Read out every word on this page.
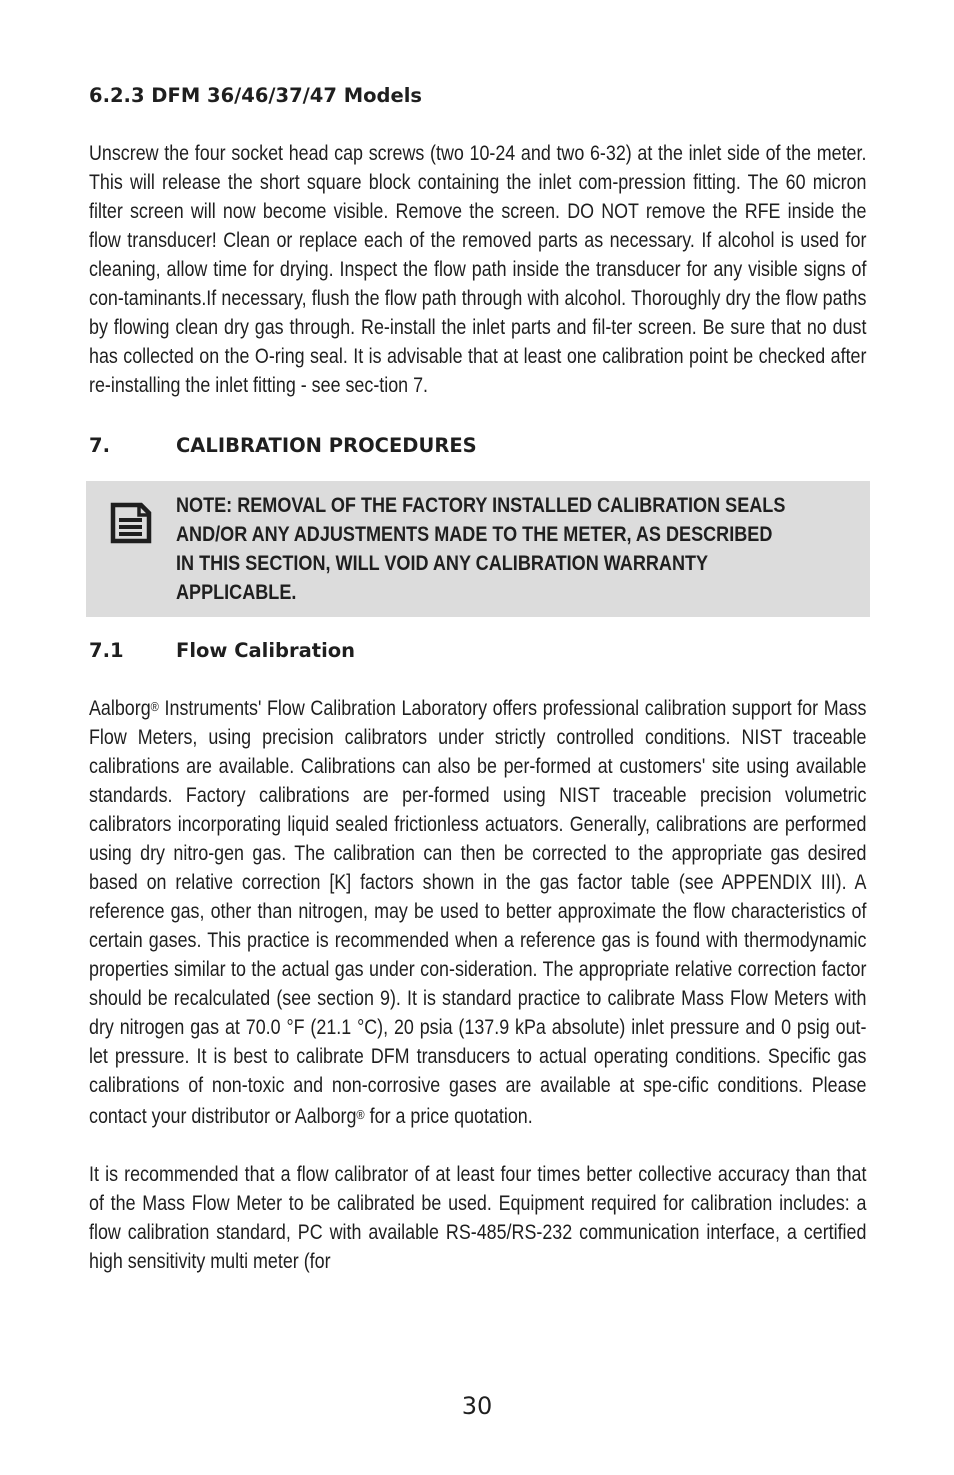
6.2.3 DFM 36/46/37/47 Models

Unscrew the four socket head cap screws (two 10-24 and two 6-32) at the inlet side of the meter. This will release the short square block containing the inlet com-pression fitting. The 60 micron filter screen will now become visible. Remove the screen. DO NOT remove the RFE inside the flow transducer! Clean or replace each of the removed parts as necessary. If alcohol is used for cleaning, allow time for drying. Inspect the flow path inside the transducer for any visible signs of con-taminants.If necessary, flush the flow path through with alcohol. Thoroughly dry the flow paths by flowing clean dry gas through. Re-install the inlet parts and fil-ter screen. Be sure that no dust has collected on the O-ring seal. It is advisable that at least one calibration point be checked after re-installing the inlet fitting - see sec-tion 7.

7.	CALIBRATION PROCEDURES

NOTE: REMOVAL OF THE FACTORY INSTALLED CALIBRATION SEALS

AND/OR ANY ADJUSTMENTS MADE TO THE METER, AS DESCRIBED

IN THIS SECTION, WILL VOID ANY CALIBRATION WARRANTY

APPLICABLE.

7.1	Flow Calibration

Aalborg® Instruments' Flow Calibration Laboratory offers professional calibration support for Mass Flow Meters, using precision calibrators under strictly controlled conditions. NIST traceable calibrations are available. Calibrations can also be per-formed at customers' site using available standards. Factory calibrations are per-formed using NIST traceable precision volumetric calibrators incorporating liquid sealed frictionless actuators. Generally, calibrations are performed using dry nitro-gen gas. The calibration can then be corrected to the appropriate gas desired based on relative correction [K] factors shown in the gas factor table (see APPENDIX III). A reference gas, other than nitrogen, may be used to better approximate the flow characteristics of certain gases. This practice is recommended when a reference gas is found with thermodynamic properties similar to the actual gas under con-sideration. The appropriate relative correction factor should be recalculated (see section 9). It is standard practice to calibrate Mass Flow Meters with dry nitrogen gas at 70.0 °F (21.1 °C), 20 psia (137.9 kPa absolute) inlet pressure and 0 psig out-let pressure. It is best to calibrate DFM transducers to actual operating conditions. Specific gas calibrations of non-toxic and non-corrosive gases are available at spe-cific conditions. Please contact your distributor or Aalborg® for a price quotation.

It is recommended that a flow calibrator of at least four times better collective accuracy than that of the Mass Flow Meter to be calibrated be used. Equipment required for calibration includes: a flow calibration standard, PC with available RS-485/RS-232 communication interface, a certified high sensitivity multi meter (for

30
